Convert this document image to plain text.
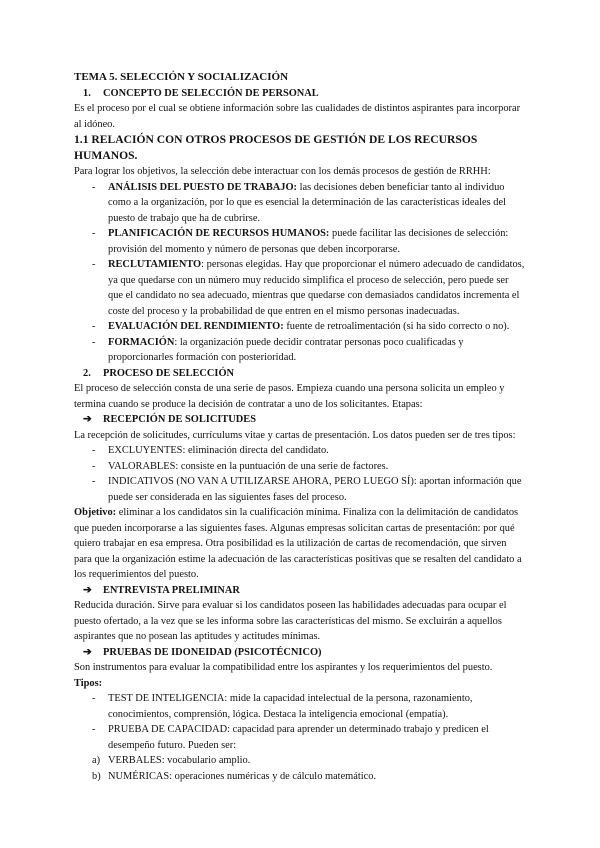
TEMA 5. SELECCIÓN Y SOCIALIZACIÓN

1.	CONCEPTO DE SELECCIÓN DE PERSONAL

Es el proceso por el cual se obtiene información sobre las cualidades de distintos aspirantes para incorporar al idóneo.

1.1 RELACIÓN CON OTROS PROCESOS DE GESTIÓN DE LOS RECURSOS HUMANOS.

Para lograr los objetivos, la selección debe interactuar con los demás procesos de gestión de RRHH:

-	ANÁLISIS DEL PUESTO DE TRABAJO: las decisiones deben beneficiar tanto al individuo como a la organización, por lo que es esencial la determinación de las características ideales del puesto de trabajo que ha de cubrirse.
-	PLANIFICACIÓN DE RECURSOS HUMANOS: puede facilitar las decisiones de selección: provisión del momento y número de personas que deben incorporarse.
-	RECLUTAMIENTO: personas elegidas. Hay que proporcionar el número adecuado de candidatos, ya que quedarse con un número muy reducido simplifica el proceso de selección, pero puede ser que el candidato no sea adecuado, mientras que quedarse con demasiados candidatos incrementa el coste del proceso y la probabilidad de que entren en el mismo personas inadecuadas.
-	EVALUACIÓN DEL RENDIMIENTO: fuente de retroalimentación (si ha sido correcto o no).
-	FORMACIÓN: la organización puede decidir contratar personas poco cualificadas y proporcionarles formación con posterioridad.
2.	PROCESO DE SELECCIÓN

El proceso de selección consta de una serie de pasos. Empieza cuando una persona solicita un empleo y termina cuando se produce la decisión de contratar a uno de los solicitantes. Etapas:

➔	RECEPCIÓN DE SOLICITUDES

La recepción de solicitudes, currículums vitae y cartas de presentación. Los datos pueden ser de tres tipos:

-	EXCLUYENTES: eliminación directa del candidato.
-	VALORABLES: consiste en la puntuación de una serie de factores.
-	INDICATIVOS (NO VAN A UTILIZARSE AHORA, PERO LUEGO SÍ): aportan información que puede ser considerada en las siguientes fases del proceso.

Objetivo: eliminar a los candidatos sin la cualificación mínima. Finaliza con la delimitación de candidatos que pueden incorporarse a las siguientes fases. Algunas empresas solicitan cartas de presentación: por qué quiero trabajar en esa empresa. Otra posibilidad es la utilización de cartas de recomendación, que sirven para que la organización estime la adecuación de las características positivas que se resalten del candidato a los requerimientos del puesto.

➔	ENTREVISTA PRELIMINAR

Reducida duración. Sirve para evaluar si los candidatos poseen las habilidades adecuadas para ocupar el puesto ofertado, a la vez que se les informa sobre las características del mismo. Se excluirán a aquellos aspirantes que no posean las aptitudes y actitudes mínimas.

➔	PRUEBAS DE IDONEIDAD (PSICOTÉCNICO)

Son instrumentos para evaluar la compatibilidad entre los aspirantes y los requerimientos del puesto.

Tipos:

-	TEST DE INTELIGENCIA: mide la capacidad intelectual de la persona, razonamiento, conocimientos, comprensión, lógica. Destaca la inteligencia emocional (empatía).
-	PRUEBA DE CAPACIDAD: capacidad para aprender un determinado trabajo y predicen el desempeño futuro. Pueden ser:
a) VERBALES: vocabulario amplio.
b) NUMÉRICAS: operaciones numéricas y de cálculo matemático.
